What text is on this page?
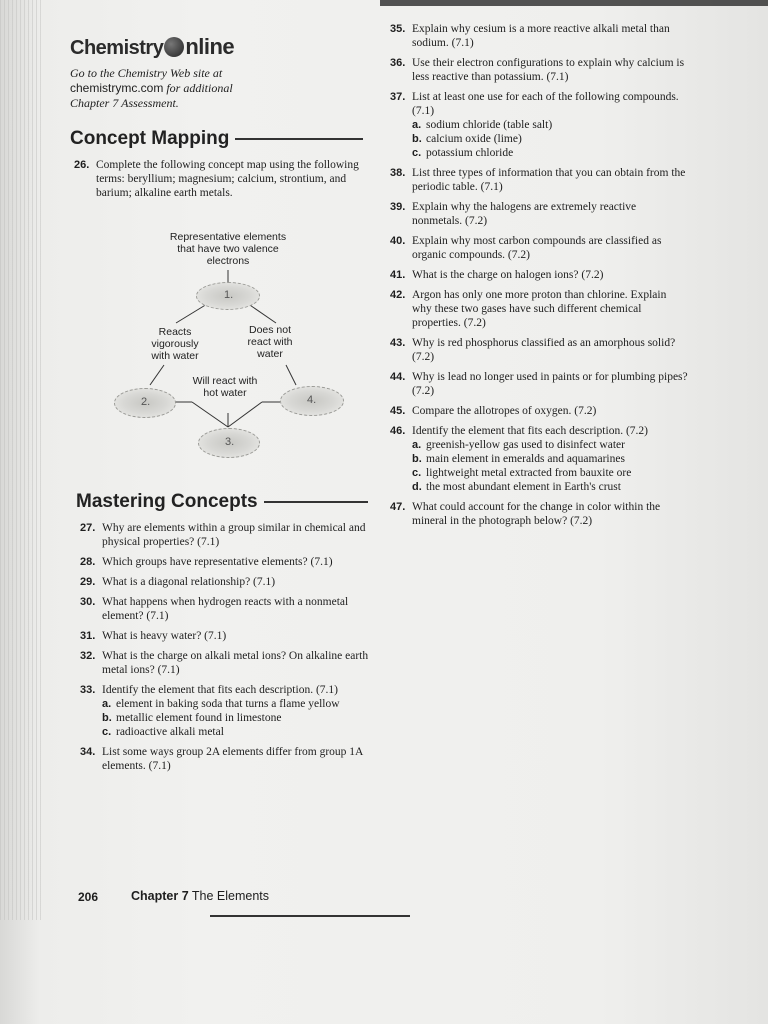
Chemistry nline
Go to the Chemistry Web site at
chemistrymc.com for additional
Chapter 7 Assessment.
Concept Mapping
26. Complete the following concept map using the following terms: beryllium; magnesium; calcium, strontium, and barium; alkaline earth metals.
Representative elements that have two valence electrons
1.
Reacts vigorously with water
Does not react with water
2.
Will react with hot water
4.
3.
Mastering Concepts
27. Why are elements within a group similar in chemical and physical properties? (7.1)
28. Which groups have representative elements? (7.1)
29. What is a diagonal relationship? (7.1)
30. What happens when hydrogen reacts with a nonmetal element? (7.1)
31. What is heavy water? (7.1)
32. What is the charge on alkali metal ions? On alkaline earth metal ions? (7.1)
33. Identify the element that fits each description. (7.1)
a. element in baking soda that turns a flame yellow
b. metallic element found in limestone
c. radioactive alkali metal
34. List some ways group 2A elements differ from group 1A elements. (7.1)
35. Explain why cesium is a more reactive alkali metal than sodium. (7.1)
36. Use their electron configurations to explain why calcium is less reactive than potassium. (7.1)
37. List at least one use for each of the following compounds. (7.1)
a. sodium chloride (table salt)
b. calcium oxide (lime)
c. potassium chloride
38. List three types of information that you can obtain from the periodic table. (7.1)
39. Explain why the halogens are extremely reactive nonmetals. (7.2)
40. Explain why most carbon compounds are classified as organic compounds. (7.2)
41. What is the charge on halogen ions? (7.2)
42. Argon has only one more proton than chlorine. Explain why these two gases have such different chemical properties. (7.2)
43. Why is red phosphorus classified as an amorphous solid? (7.2)
44. Why is lead no longer used in paints or for plumbing pipes? (7.2)
45. Compare the allotropes of oxygen. (7.2)
46. Identify the element that fits each description. (7.2)
a. greenish-yellow gas used to disinfect water
b. main element in emeralds and aquamarines
c. lightweight metal extracted from bauxite ore
d. the most abundant element in Earth's crust
47. What could account for the change in color within the mineral in the photograph below? (7.2)
206	Chapter 7 The Elements
